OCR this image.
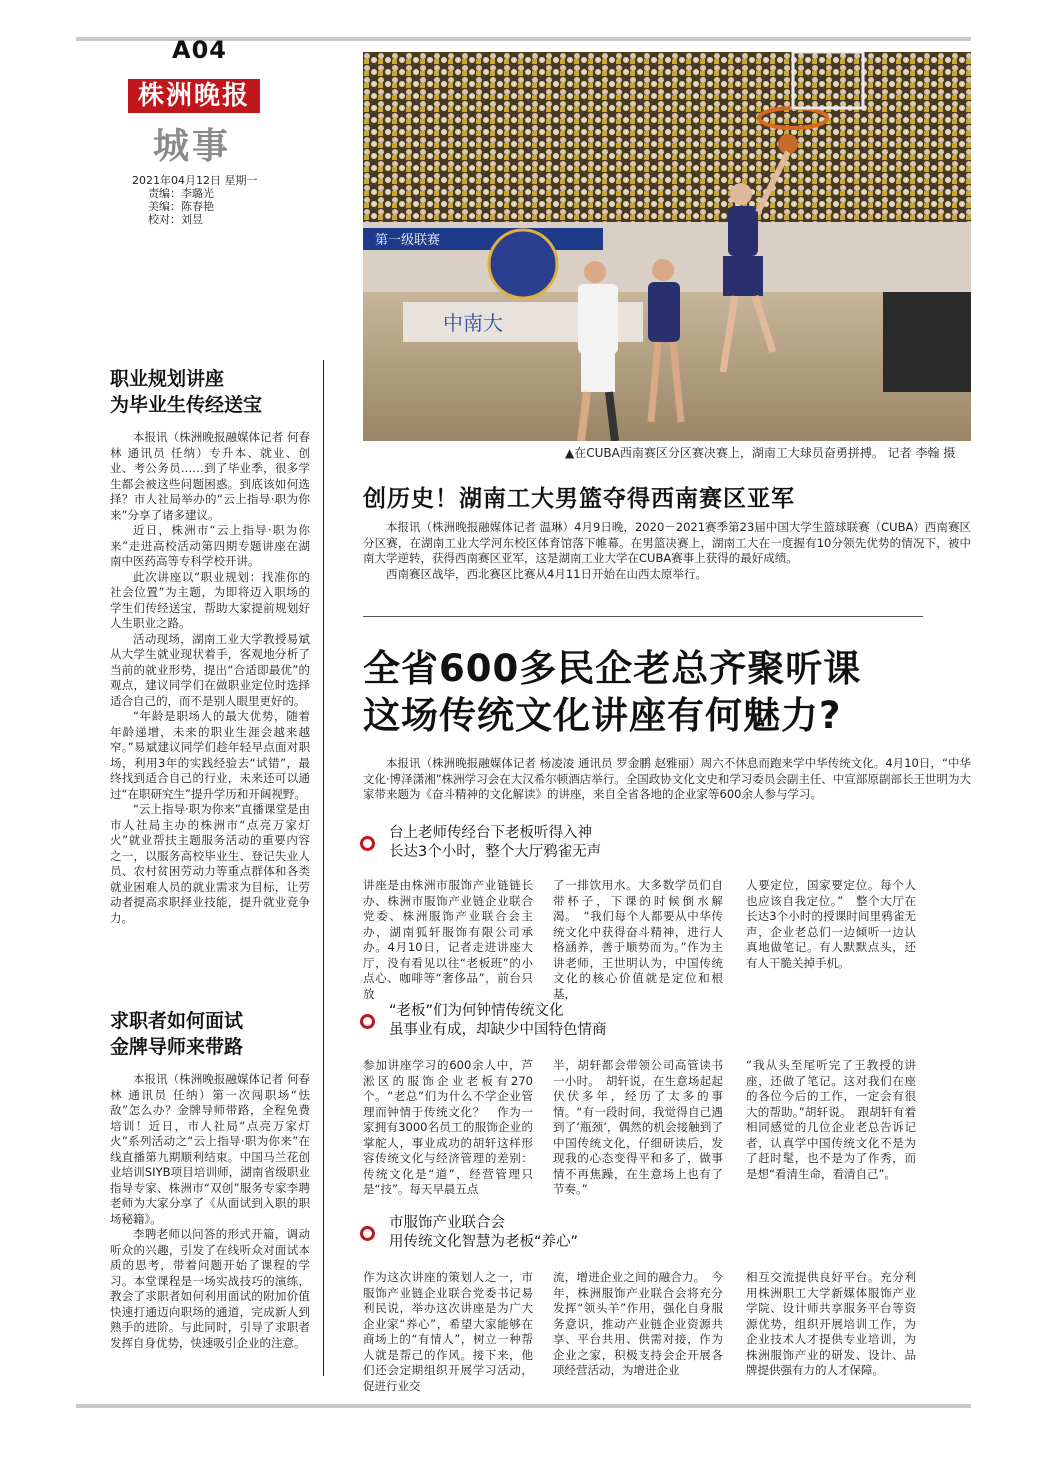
A04
株洲晚报
城事
2021年04月12日 星期一
责编：李璐光
美编：陈春艳
校对：刘昱
第一级联赛
中南大
▲在CUBA西南赛区分区赛决赛上，湖南工大球员奋勇拼搏。 记者 李翰 摄
职业规划讲座
为毕业生传经送宝

本报讯（株洲晚报融媒体记者 何春林 通讯员 任纳）专升本、就业、创业、考公务员……到了毕业季，很多学生都会被这些问题困惑。到底该如何选择？市人社局举办的“云上指导·职为你来”分享了诸多建议。

近日，株洲市“云上指导·职为你来”走进高校活动第四期专题讲座在湖南中医药高等专科学校开讲。

此次讲座以“职业规划：找准你的社会位置”为主题，为即将迈入职场的学生们传经送宝，帮助大家提前规划好人生职业之路。

活动现场，湖南工业大学教授易斌从大学生就业现状着手，客观地分析了当前的就业形势，提出“合适即最优”的观点，建议同学们在做职业定位时选择适合自己的，而不是别人眼里更好的。

“年龄是职场人的最大优势，随着年龄递增，未来的职业生涯会越来越窄。”易斌建议同学们趁年轻早点面对职场，利用3年的实践经验去“试错”，最终找到适合自己的行业，未来还可以通过“在职研究生”提升学历和开阔视野。

“云上指导·职为你来”直播课堂是由市人社局主办的株洲市“点亮万家灯火”就业帮扶主题服务活动的重要内容之一，以服务高校毕业生、登记失业人员、农村贫困劳动力等重点群体和各类就业困难人员的就业需求为目标，让劳动者提高求职择业技能，提升就业竞争力。

求职者如何面试
金牌导师来带路

本报讯（株洲晚报融媒体记者 何春林 通讯员 任纳）第一次闯职场“怯敌”怎么办？金牌导师带路，全程免费培训！近日，市人社局“点亮万家灯火”系列活动之“云上指导·职为你来”在线直播第九期顺利结束。中国马兰花创业培训SIYB项目培训师，湖南省级职业指导专家、株洲市“双创”服务专家李聘老师为大家分享了《从面试到入职的职场秘籍》。

李聘老师以问答的形式开篇，调动听众的兴趣，引发了在线听众对面试本质的思考，带着问题开始了课程的学习。本堂课程是一场实战技巧的演练，教会了求职者如何利用面试的附加价值快速打通迈向职场的通道，完成新人到熟手的进阶。与此同时，引导了求职者发挥自身优势，快速吸引企业的注意。

创历史！湖南工大男篮夺得西南赛区亚军

本报讯（株洲晚报融媒体记者 温琳）4月9日晚，2020－2021赛季第23届中国大学生篮球联赛（CUBA）西南赛区分区赛，在湖南工业大学河东校区体育馆落下帷幕。在男篮决赛上，湖南工大在一度握有10分领先优势的情况下，被中南大学逆转，获得西南赛区亚军，这是湖南工业大学在CUBA赛事上获得的最好成绩。

西南赛区战毕，西北赛区比赛从4月11日开始在山西太原举行。

全省600多民企老总齐聚听课
这场传统文化讲座有何魅力?

本报讯（株洲晚报融媒体记者 杨凌凌 通讯员 罗金鹏 赵雅丽）周六不休息而跑来学中华传统文化。4月10日，“中华文化·博泽潇湘”株洲学习会在大汉希尔顿酒店举行。全国政协文化文史和学习委员会副主任、中宣部原副部长王世明为大家带来题为《奋斗精神的文化解读》的讲座，来自全省各地的企业家等600余人参与学习。

台上老师传经台下老板听得入神
长达3个小时，整个大厅鸦雀无声

讲座是由株洲市服饰产业链链长办、株洲市服饰产业链企业联合党委、株洲服饰产业联合会主办，湖南狐轩服饰有限公司承办。4月10日，记者走进讲座大厅，没有看见以往“老板班”的小点心、咖啡等“奢侈品”，前台只放

了一排饮用水。大多数学员们自带杯子，下课的时候倒水解渴。　“我们每个人都要从中华传统文化中获得奋斗精神，进行人格涵养，善于顺势而为。”作为主讲老师，王世明认为，中国传统文化的核心价值就是定位和根基，

人要定位，国家要定位。每个人也应该自我定位。”　整个大厅在长达3个小时的授课时间里鸦雀无声，企业老总们一边倾听一边认真地做笔记。有人默默点头，还有人干脆关掉手机。

“老板”们为何钟情传统文化
虽事业有成，却缺少中国特色情商

参加讲座学习的600余人中，芦淞区的服饰企业老板有270个。“老总”们为什么不学企业管理而钟情于传统文化？　作为一家拥有3000名员工的服饰企业的掌舵人，事业成功的胡轩这样形容传统文化与经济管理的差别：传统文化是“道”，经营管理只是“技”。每天早晨五点

半，胡轩都会带领公司高管读书一小时。　胡轩说，在生意场起起伏伏多年，经历了太多的事情。“有一段时间，我觉得自己遇到了‘瓶颈’，偶然的机会接触到了中国传统文化，仔细研读后，发现我的心态变得平和多了，做事情不再焦躁，在生意场上也有了节奏。”

“我从头至尾听完了王教授的讲座，还做了笔记。这对我们在座的各位今后的工作，一定会有很大的帮助。”胡轩说。　跟胡轩有着相同感觉的几位企业老总告诉记者，认真学中国传统文化不是为了赶时髦，也不是为了作秀，而是想“看清生命，看清自己”。

市服饰产业联合会
用传统文化智慧为老板“养心”

作为这次讲座的策划人之一，市服饰产业链企业联合党委书记易利民说，举办这次讲座是为广大企业家“养心”，希望大家能够在商场上的“有情人”，树立一种帮人就是帮己的作风。接下来，他们还会定期组织开展学习活动，促进行业交

流，增进企业之间的融合力。　今年，株洲服饰产业联合会将充分发挥“领头羊”作用，强化自身服务意识，推动产业链企业资源共享、平台共用、供需对接，作为企业之家，积极支持会企开展各项经营活动，为增进企业

相互交流提供良好平台。充分利用株洲职工大学新媒体服饰产业学院、设计师共享服务平台等资源优势，组织开展培训工作，为企业技术人才提供专业培训，为株洲服饰产业的研发、设计、品牌提供强有力的人才保障。
